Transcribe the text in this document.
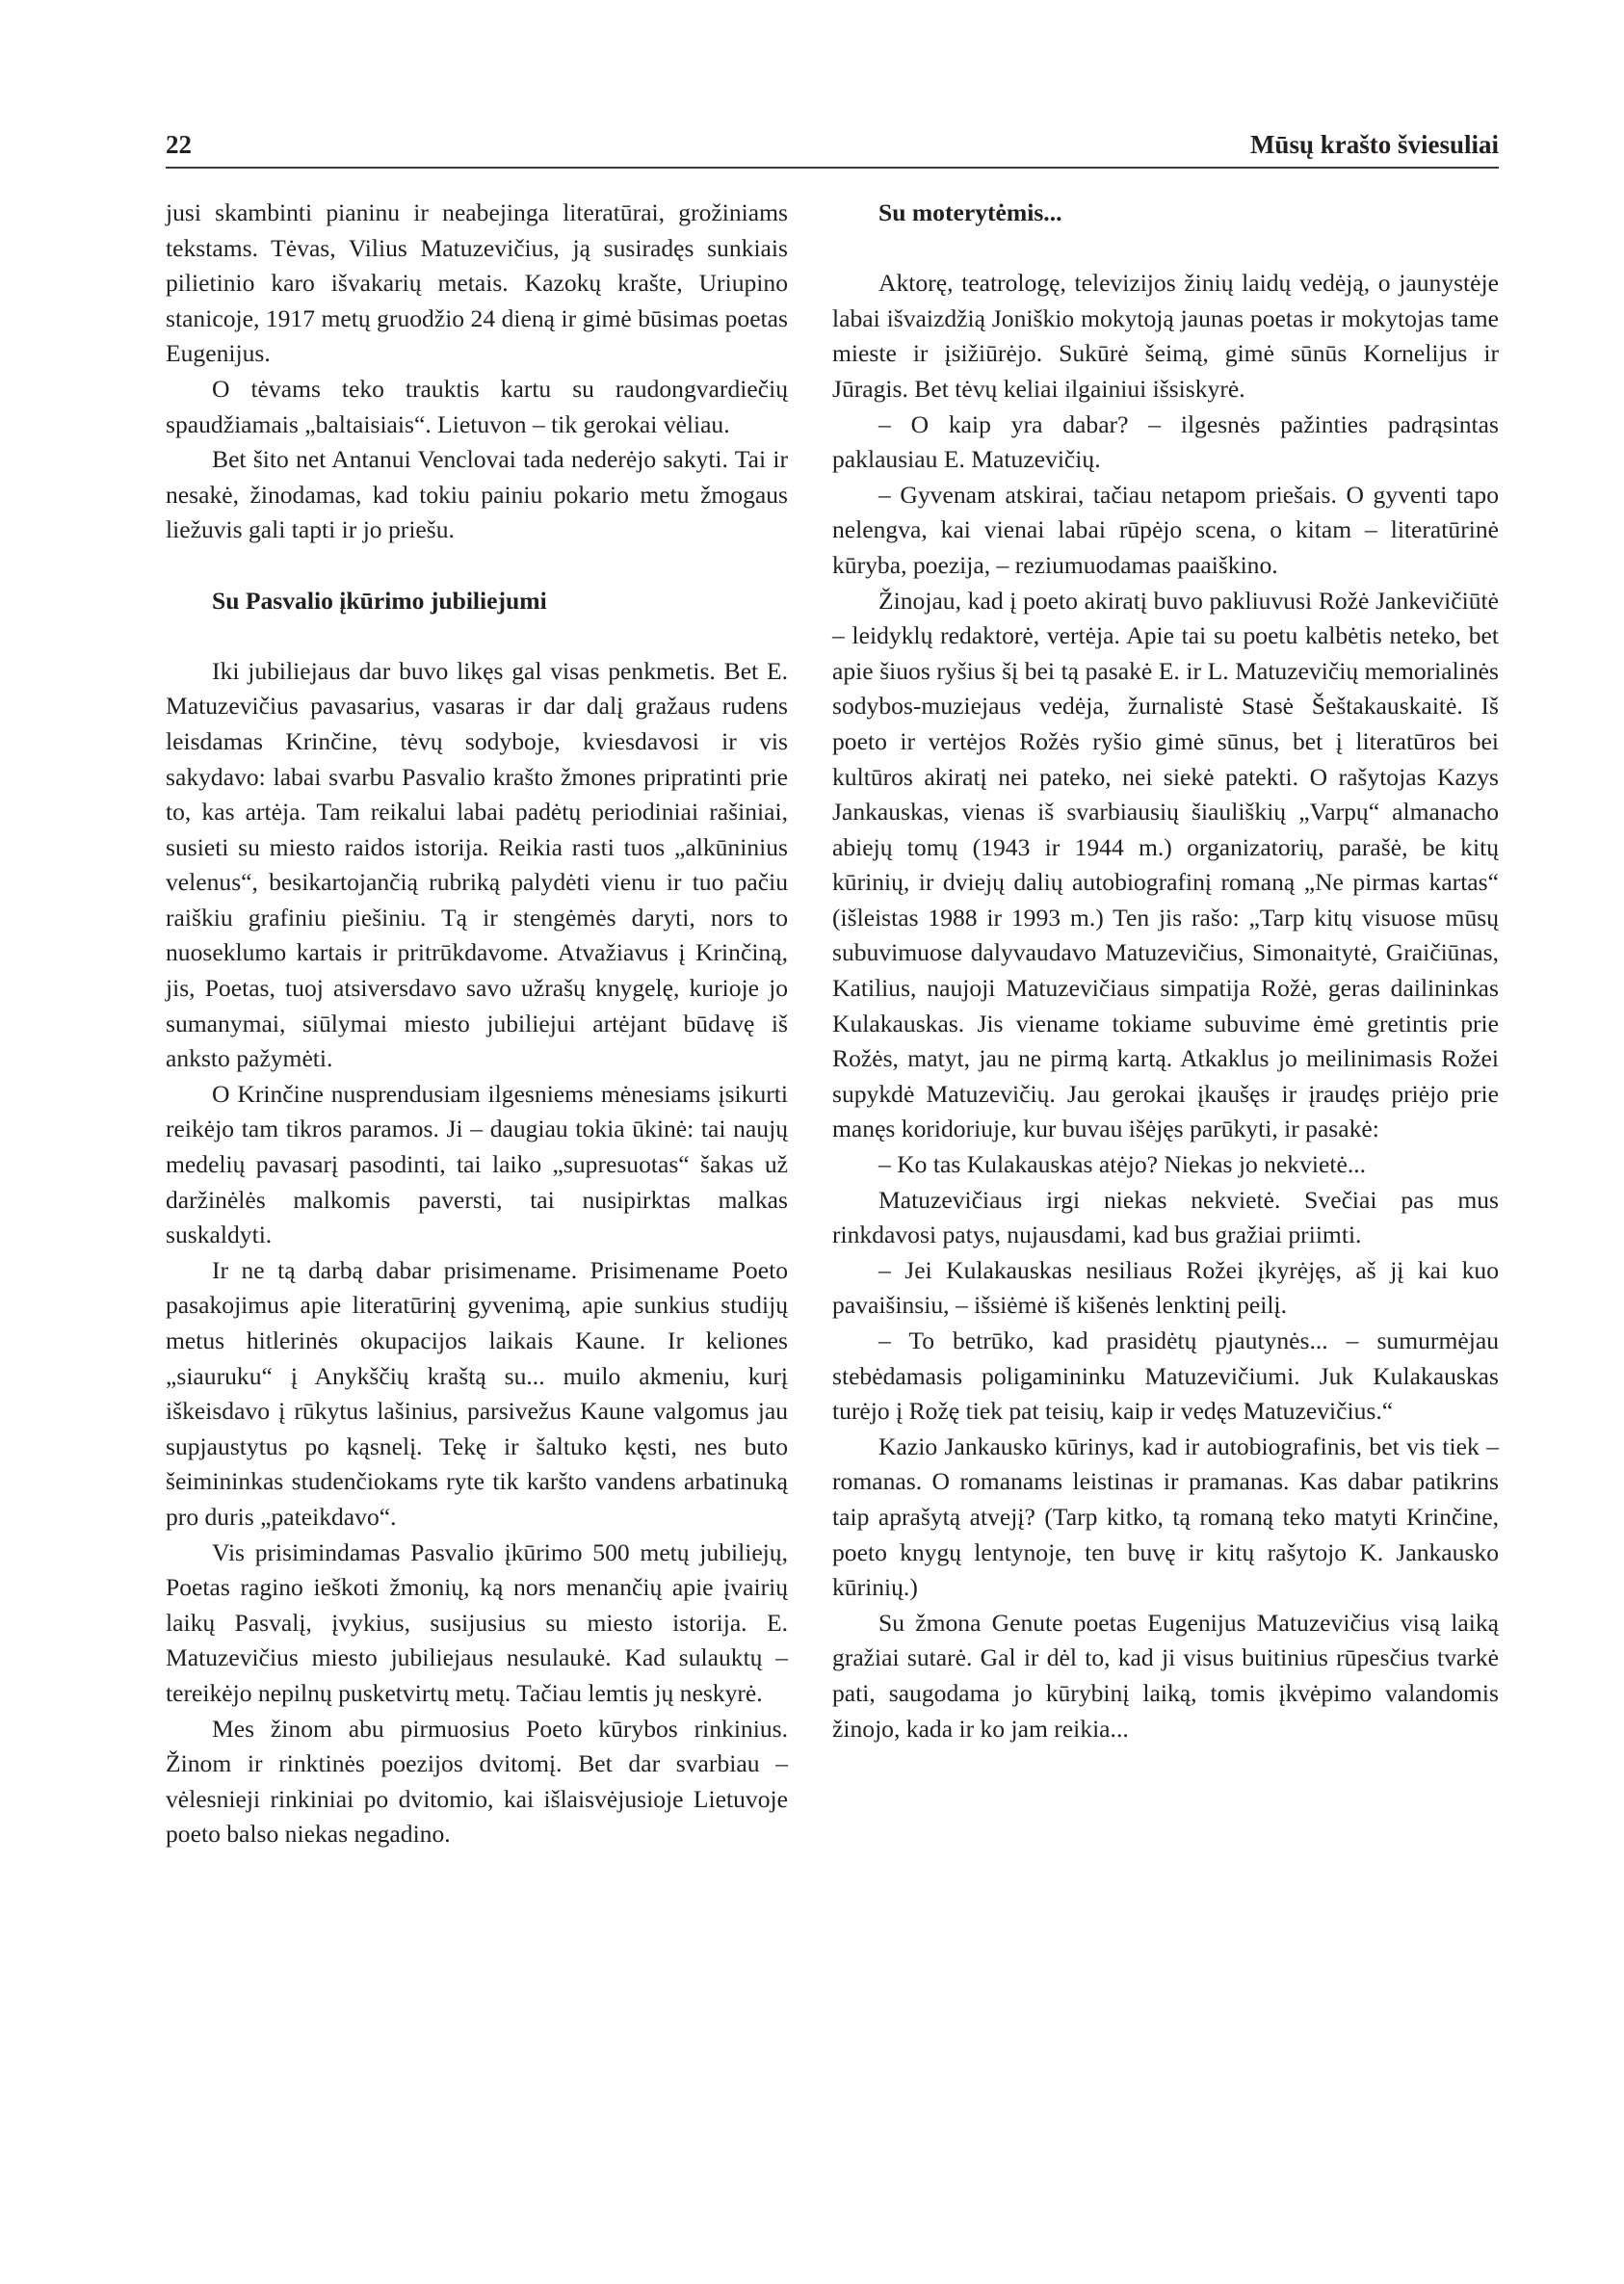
22	Mūsų krašto šviesuliai

jusi skambinti pianinu ir neabejinga literatūrai, grožiniams tekstams. Tėvas, Vilius Matuzevičius, ją susiradęs sunkiais pilietinio karo išvakarių metais. Kazokų krašte, Uriupino stanicoje, 1917 metų gruodžio 24 dieną ir gimė būsimas poetas Eugenijus.

O tėvams teko trauktis kartu su raudongvardiečių spaudžiamais „baltaisiais“. Lietuvon – tik gerokai vėliau.

Bet šito net Antanui Venclovai tada nederėjo sakyti. Tai ir nesakė, žinodamas, kad tokiu painiu pokario metu žmogaus liežuvis gali tapti ir jo priešu.

Su Pasvalio įkūrimo jubiliejumi

Iki jubiliejaus dar buvo likęs gal visas penkmetis. Bet E. Matuzevičius pavasarius, vasaras ir dar dalį gražaus rudens leisdamas Krinčine, tėvų sodyboje, kviesdavosi ir vis sakydavo: labai svarbu Pasvalio krašto žmones pripratinti prie to, kas artėja. Tam reikalui labai padėtų periodiniai rašiniai, susieti su miesto raidos istorija. Reikia rasti tuos „alkūninius velenus“, besikartojančią rubriką palydėti vienu ir tuo pačiu raiškiu grafiniu piešiniu. Tą ir stengėmės daryti, nors to nuoseklumo kartais ir pritrūkdavome. Atvažiavus į Krinčiną, jis, Poetas, tuoj atsiversdavo savo užrašų knygelę, kurioje jo sumanymai, siūlymai miesto jubiliejui artėjant būdavę iš anksto pažymėti.

O Krinčine nusprendusiam ilgesniems mėnesiams įsikurti reikėjo tam tikros paramos. Ji – daugiau tokia ūkinė: tai naujų medelių pavasarį pasodinti, tai laiko „supresuotas“ šakas už daržinėlės malkomis paversti, tai nusipirktas malkas suskaldyti.

Ir ne tą darbą dabar prisimename. Prisimename Poeto pasakojimus apie literatūrinį gyvenimą, apie sunkius studijų metus hitlerinės okupacijos laikais Kaune. Ir keliones „siauruku“ į Anykščių kraštą su... muilo akmeniu, kurį iškeisdavo į rūkytus lašinius, parsivežus Kaune valgomus jau supjaustytus po kąsnelį. Tekę ir šaltuko kęsti, nes buto šeimininkas studenčiokams ryte tik karšto vandens arbatinuką pro duris „pateikdavo“.

Vis prisimindamas Pasvalio įkūrimo 500 metų jubiliejų, Poetas ragino ieškoti žmonių, ką nors menančių apie įvairių laikų Pasvalį, įvykius, susijusius su miesto istorija. E. Matuzevičius miesto jubiliejaus nesulaukė. Kad sulauktų – tereikėjo nepilnų pusketvirtų metų. Tačiau lemtis jų neskyrė.

Mes žinom abu pirmuosius Poeto kūrybos rinkinius. Žinom ir rinktinės poezijos dvitomį. Bet dar svarbiau – vėlesnieji rinkiniai po dvitomio, kai išlaisvėjusioje Lietuvoje poeto balso niekas negadino.

Su moterytėmis...

Aktorę, teatrologę, televizijos žinių laidų vedėją, o jaunystėje labai išvaizdžią Joniškio mokytoją jaunas poetas ir mokytojas tame mieste ir įsižiūrėjo. Sukūrė šeimą, gimė sūnūs Kornelijus ir Jūragis. Bet tėvų keliai ilgainiui išsiskyrė.

– O kaip yra dabar? – ilgesnės pažinties padrąsintas paklausiau E. Matuzevičių.

– Gyvenam atskirai, tačiau netapom priešais. O gyventi tapo nelengva, kai vienai labai rūpėjo scena, o kitam – literatūrinė kūryba, poezija, – reziumuodamas paaiškino.

Žinojau, kad į poeto akiratį buvo pakliuvusi Rožė Jankevičiūtė – leidyklų redaktorė, vertėja. Apie tai su poetu kalbėtis neteko, bet apie šiuos ryšius šį bei tą pasakė E. ir L. Matuzevičių memorialinės sodybos-muziejaus vedėja, žurnalistė Stasė Šeštakauskaitė. Iš poeto ir vertėjos Rožės ryšio gimė sūnus, bet į literatūros bei kultūros akiratį nei pateko, nei siekė patekti. O rašytojas Kazys Jankauskas, vienas iš svarbiausių šiauliškių „Varpų“ almanacho abiejų tomų (1943 ir 1944 m.) organizatorių, parašė, be kitų kūrinių, ir dviejų dalių autobiografinį romaną „Ne pirmas kartas“ (išleistas 1988 ir 1993 m.) Ten jis rašo: „Tarp kitų visuose mūsų subuvimuose dalyvaudavo Matuzevičius, Simonaitytė, Graičiūnas, Katilius, naujoji Matuzevičiaus simpatija Rožė, geras dailininkas Kulakauskas. Jis viename tokiame subuvime ėmė gretintis prie Rožės, matyt, jau ne pirmą kartą. Atkaklus jo meilinimasis Rožei supykdė Matuzevičių. Jau gerokai įkaušęs ir įraudęs priėjo prie manęs koridoriuje, kur buvau išėjęs parūkyti, ir pasakė:

– Ko tas Kulakauskas atėjo? Niekas jo nekvietė...

Matuzevičiaus irgi niekas nekvietė. Svečiai pas mus rinkdavosi patys, nujausdami, kad bus gražiai priimti.

– Jei Kulakauskas nesiliaus Rožei įkyrėjęs, aš jį kai kuo pavaišinsiu, – išsiėmė iš kišenės lenktinį peilį.

– To betrūko, kad prasidėtų pjautynės... – sumurmėjau stebėdamasis poligamininku Matuzevičiumi. Juk Kulakauskas turėjo į Rožę tiek pat teisių, kaip ir vedęs Matuzevičius.“

Kazio Jankausko kūrinys, kad ir autobiografinis, bet vis tiek – romanas. O romanams leistinas ir pramanas. Kas dabar patikrins taip aprašytą atvejį? (Tarp kitko, tą romaną teko matyti Krinčine, poeto knygų lentynoje, ten buvę ir kitų rašytojo K. Jankausko kūrinių.)

Su žmona Genute poetas Eugenijus Matuzevičius visą laiką gražiai sutarė. Gal ir dėl to, kad ji visus buitinius rūpesčius tvarkė pati, saugodama jo kūrybinį laiką, tomis įkvėpimo valandomis žinojo, kada ir ko jam reikia...
